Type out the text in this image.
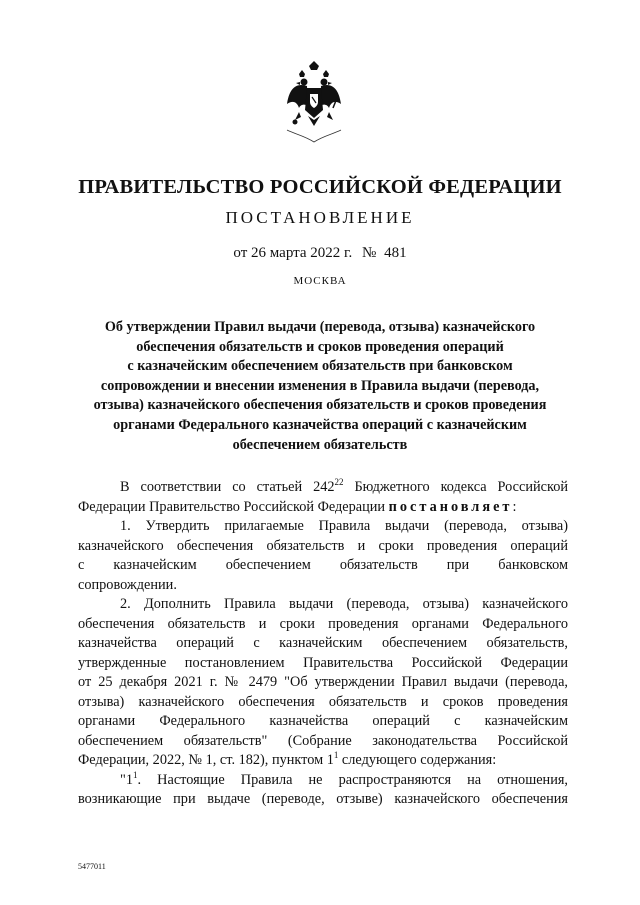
ПРАВИТЕЛЬСТВО РОССИЙСКОЙ ФЕДЕРАЦИИ
ПОСТАНОВЛЕНИЕ
от 26 марта 2022 г. № 481
МОСКВА
Об утверждении Правил выдачи (перевода, отзыва) казначейского
обеспечения обязательств и сроков проведения операций
с казначейским обеспечением обязательств при банковском
сопровождении и внесении изменения в Правила выдачи (перевода,
отзыва) казначейского обеспечения обязательств и сроков проведения
органами Федерального казначейства операций с казначейским
обеспечением обязательств
В соответствии со статьей $242^{22}$ Бюджетного кодекса Российской
Федерации Правительство Российской Федерации постановляет:
1. Утвердить прилагаемые Правила выдачи (перевода, отзыва)
казначейского обеспечения обязательств и сроки проведения операций
с казначейским обеспечением обязательств при банковском
сопровождении.
2. Дополнить Правила выдачи (перевода, отзыва) казначейского
обеспечения обязательств и сроки проведения органами Федерального
казначейства операций с казначейским обеспечением обязательств,
утвержденные постановлением Правительства Российской Федерации
от 25 декабря 2021 г. № 2479 "Об утверждении Правил выдачи (перевода,
отзыва) казначейского обеспечения обязательств и сроков проведения
органами Федерального казначейства операций с казначейским
обеспечением обязательств" (Собрание законодательства Российской
Федерации, 2022, № 1, ст. 182), пунктом $1^1$ следующего содержания:
"$1^1$. Настоящие Правила не распространяются на отношения,
возникающие при выдаче (переводе, отзыве) казначейского обеспечения
5477011
